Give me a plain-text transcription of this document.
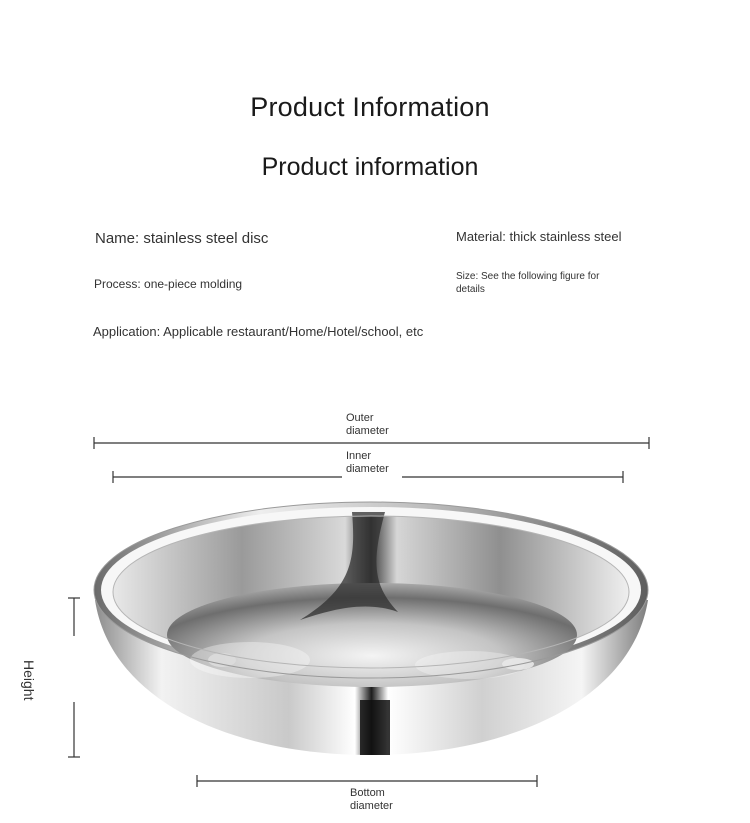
Product Information
Product information
Name: stainless steel disc	Material: thick stainless steel
Process: one-piece molding
Size: See the following figure for details
Application: Applicable restaurant/Home/Hotel/school, etc
Outer diameter
Inner diameter
Height
Bottom diameter
